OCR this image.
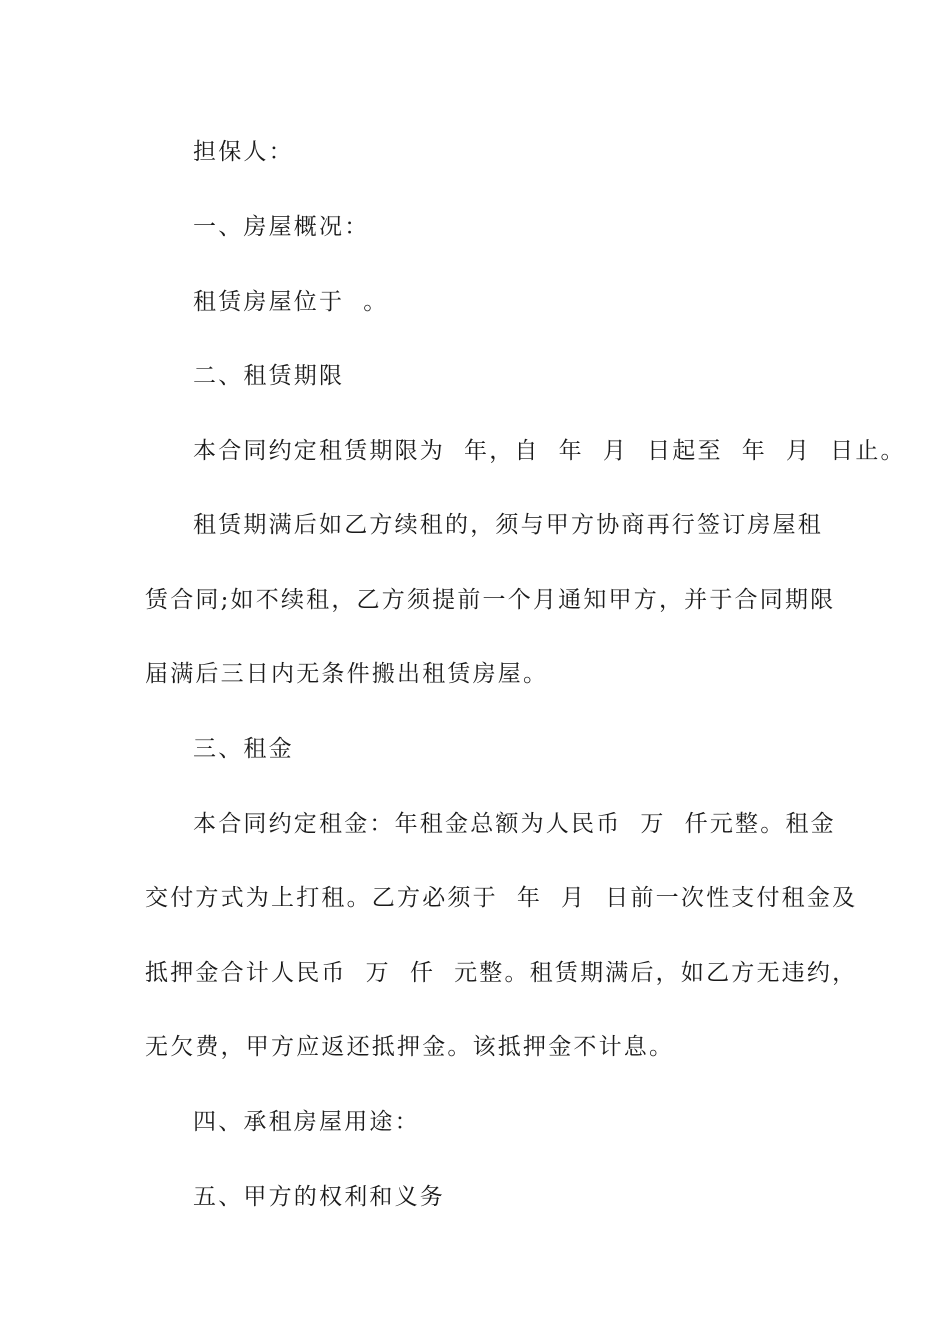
担保人：
一、房屋概况：
租赁房屋位于  。
二、租赁期限
本合同约定租赁期限为  年，自  年  月  日起至  年  月  日止。
租赁期满后如乙方续租的，须与甲方协商再行签订房屋租
赁合同;如不续租，乙方须提前一个月通知甲方，并于合同期限
届满后三日内无条件搬出租赁房屋。
三、租金
本合同约定租金：年租金总额为人民币  万  仟元整。租金
交付方式为上打租。乙方必须于  年  月  日前一次性支付租金及
抵押金合计人民币  万  仟  元整。租赁期满后，如乙方无违约，
无欠费，甲方应返还抵押金。该抵押金不计息。
四、承租房屋用途：
五、甲方的权利和义务
